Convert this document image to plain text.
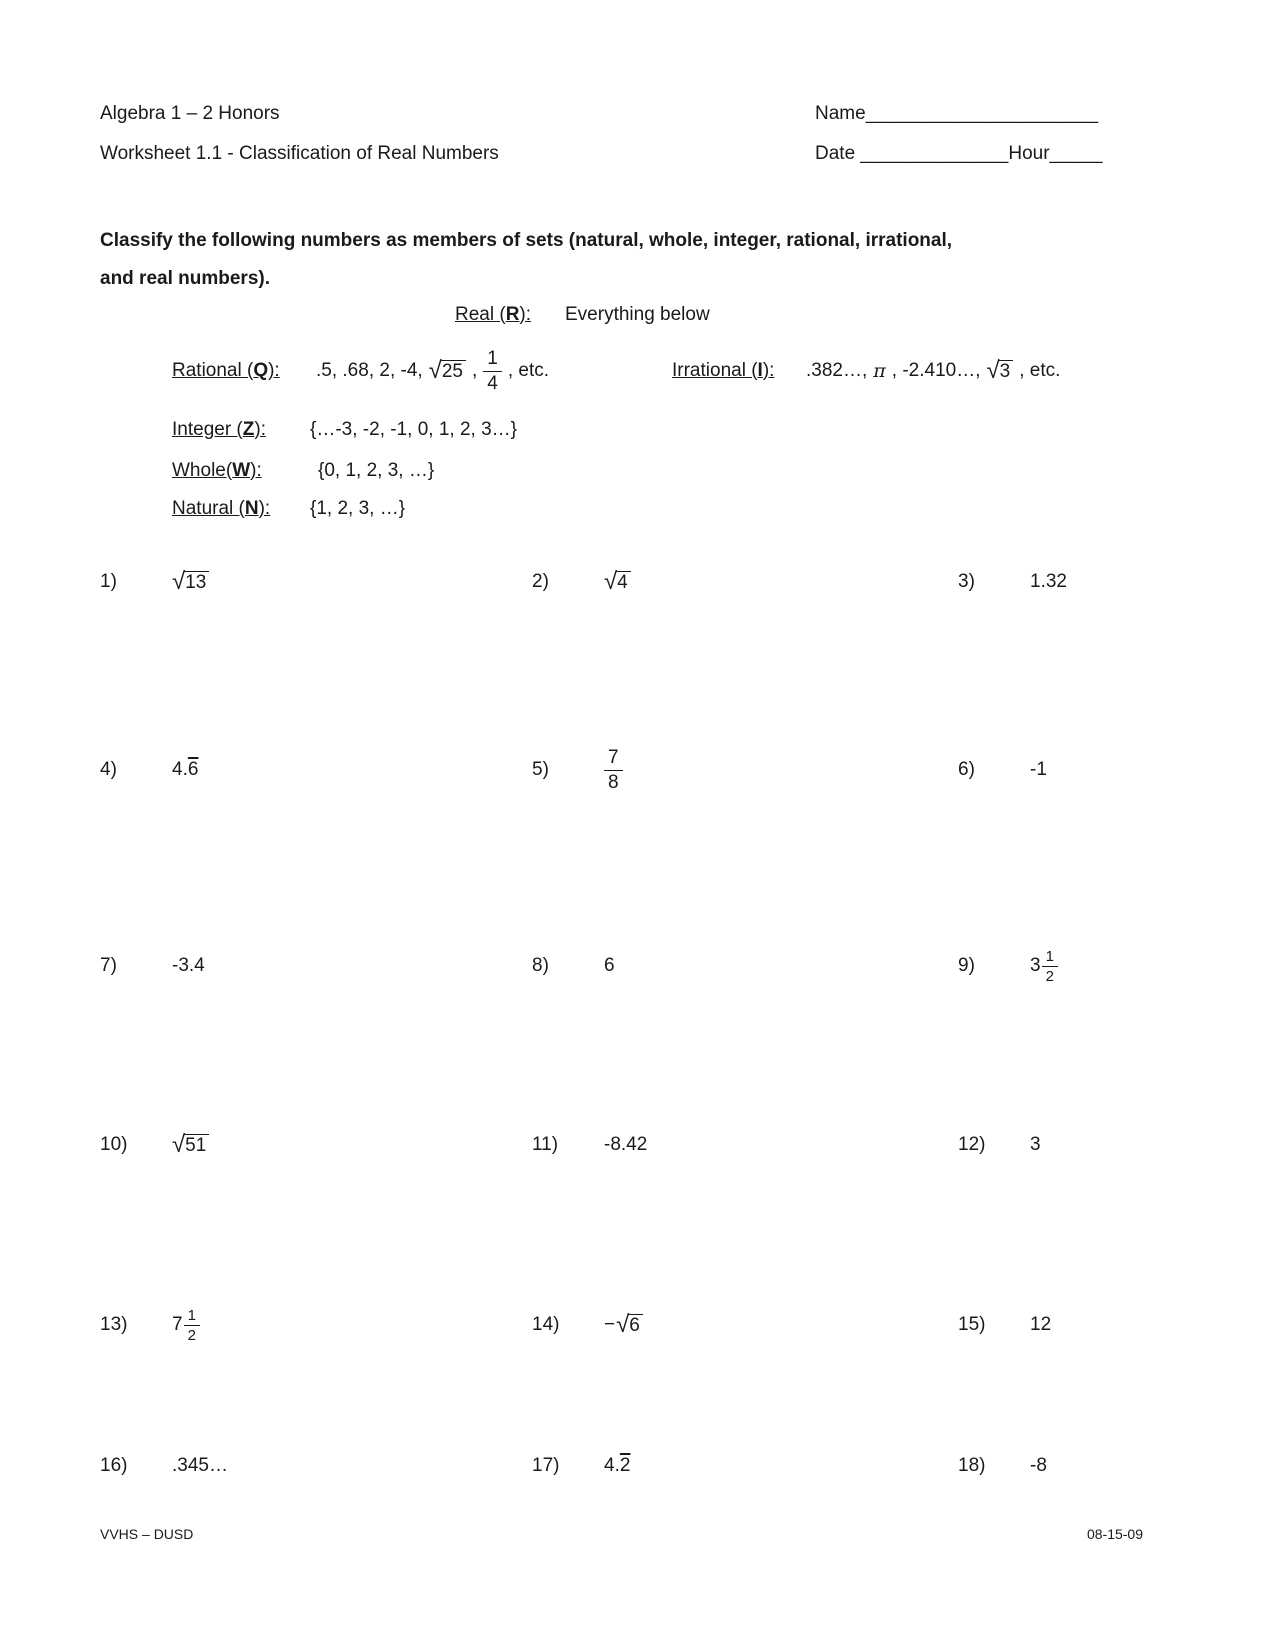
Algebra 1 – 2 Honors
Worksheet 1.1 - Classification of Real Numbers
Name______________________
Date ______________Hour_____
Classify the following numbers as members of sets (natural, whole, integer, rational, irrational,
and real numbers).
Real (R): Everything below
Rational (Q):	.5, .68, 2, -4, √ 25 , $\frac{1}{4}$ , etc.	Irrational (I):	.382…, π , -2.410…, √ 3 , etc.
Integer (Z):	{…-3, -2, -1, 0, 1, 2, 3…}
Whole(W):	{0, 1, 2, 3, …}
Natural (N):	{1, 2, 3, …}
1)	√ 13	2)	√ 4	3)	1.32
4)	4.6	5)	$\frac{7}{8}$	6)	-1
7)	-3.4	8)	6	9)	$3 \frac{1}{2}$
10)	√ 51	11)	-8.42	12)	3
13)	$7 \frac{1}{2}$	14)	− √ 6	15)	12
16)	.345…	17)	4.2	18)	-8
VVHS – DUSD	08-15-09
